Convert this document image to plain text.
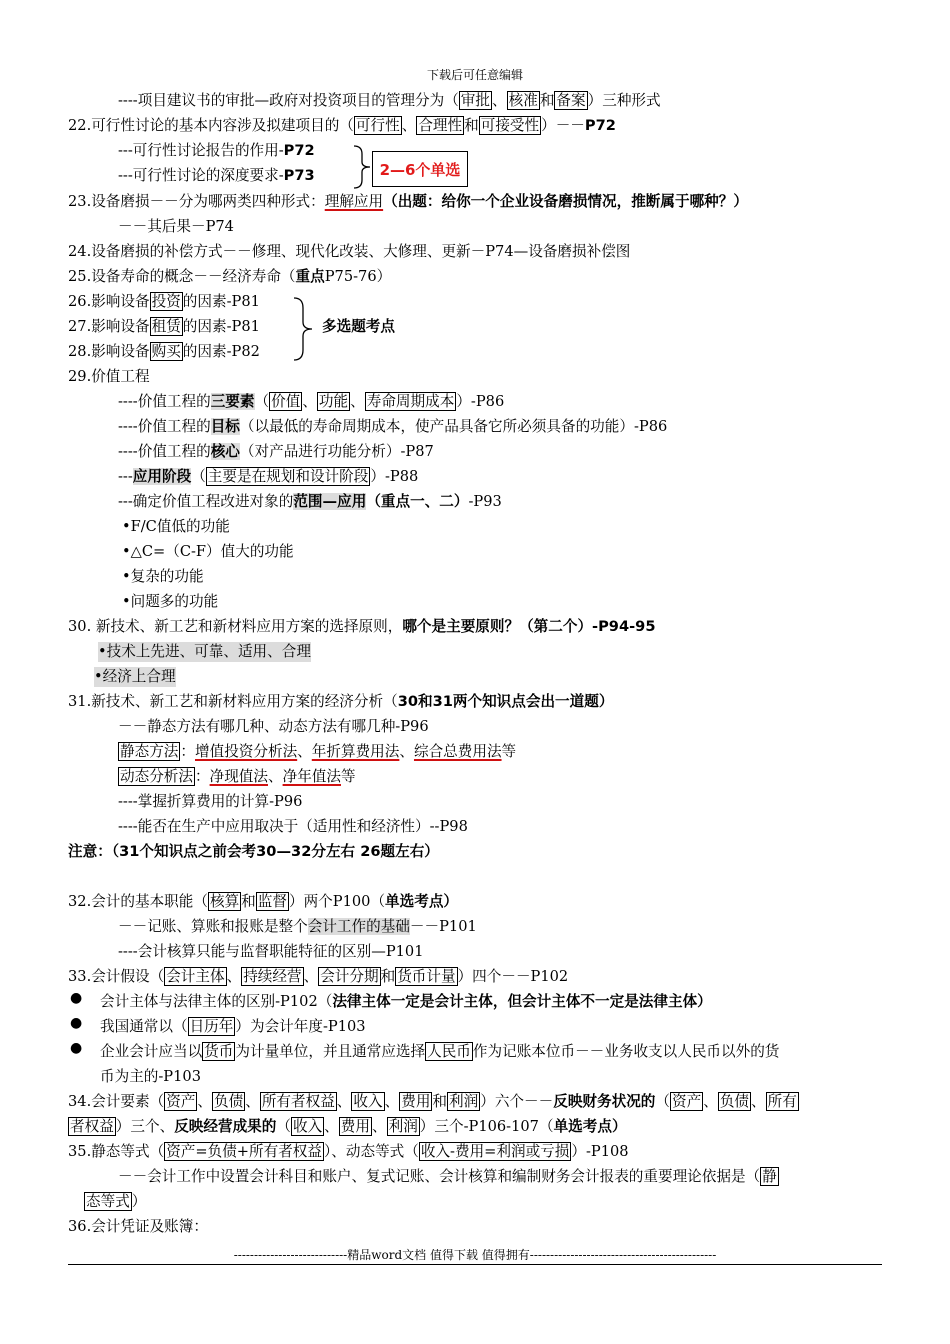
下载后可任意编辑
----项目建议书的审批—政府对投资项目的管理分为（ 审批 、 核准 和 备案 ）三种形式
22.可行性讨论的基本内容涉及拟建项目的（ 可行性 、 合理性 和 可接受性 ）－－P72
---可行性讨论报告的作用-P72
---可行性讨论的深度要求-P73	2—6个单选
23.设备磨损－－分为哪两类四种形式：理解应用（出题：给你一个企业设备磨损情况，推断属于哪种？）
－－其后果－P74
24.设备磨损的补偿方式－－修理、现代化改装、大修理、更新－P74—设备磨损补偿图
25.设备寿命的概念－－经济寿命（重点P75-76）
26.影响设备 投资 的因素-P81
27.影响设备 租赁 的因素-P81
28.影响设备 购买 的因素-P82
多选题考点
29.价值工程
----价值工程的三要素（ 价值 、 功能 、 寿命周期成本 ）-P86
----价值工程的目标（以最低的寿命周期成本，使产品具备它所必须具备的功能）-P86
----价值工程的核心（对产品进行功能分析）-P87
---应用阶段（ 主要是在规划和设计阶段 ）-P88
---确定价值工程改进对象的范围—应用（重点一、二）-P93
•F/C值低的功能
•△C=（C-F）值大的功能
•复杂的功能
•问题多的功能
30. 新技术、新工艺和新材料应用方案的选择原则，哪个是主要原则？（第二个）-P94-95
•技术上先进、可靠、适用、合理
•经济上合理
31.新技术、新工艺和新材料应用方案的经济分析（30和31两个知识点会出一道题）
－－静态方法有哪几种、动态方法有哪几种-P96
静态方法 ：增值投资分析法、年折算费用法、综合总费用法等
动态分析法 ：净现值法、净年值法等
----掌握折算费用的计算-P96
----能否在生产中应用取决于（适用性和经济性）--P98
注意：（31个知识点之前会考30—32分左右 26题左右）
32.会计的基本职能（ 核算 和 监督 ）两个P100（单选考点）
－－记账、算账和报账是整个会计工作的基础－－P101
----会计核算只能与监督职能特征的区别—P101
33.会计假设（ 会计主体 、 持续经营 、 会计分期 和 货币计量 ）四个－－P102
● 会计主体与法律主体的区别-P102（法律主体一定是会计主体，但会计主体不一定是法律主体）
● 我国通常以（ 日历年 ）为会计年度-P103
● 企业会计应当以 货币 为计量单位，并且通常应选择 人民币 作为记账本位币－－业务收支以人民币以外的货
币为主的-P103
34.会计要素（ 资产 、 负债 、 所有者权益 、 收入 、 费用 和 利润 ）六个－－反映财务状况的（ 资产 、 负债 、 所有
者权益 ）三个、反映经营成果的（ 收入 、 费用 、 利润 ）三个-P106-107（单选考点）
35.静态等式（ 资产=负债+所有者权益 ）、动态等式（ 收入-费用=利润或亏损 ）-P108
－－会计工作中设置会计科目和账户、复式记账、会计核算和编制财务会计报表的重要理论依据是（ 静
态等式 ）
36.会计凭证及账簿：
----------------------------精品word文档 值得下载 值得拥有----------------------------------------------
